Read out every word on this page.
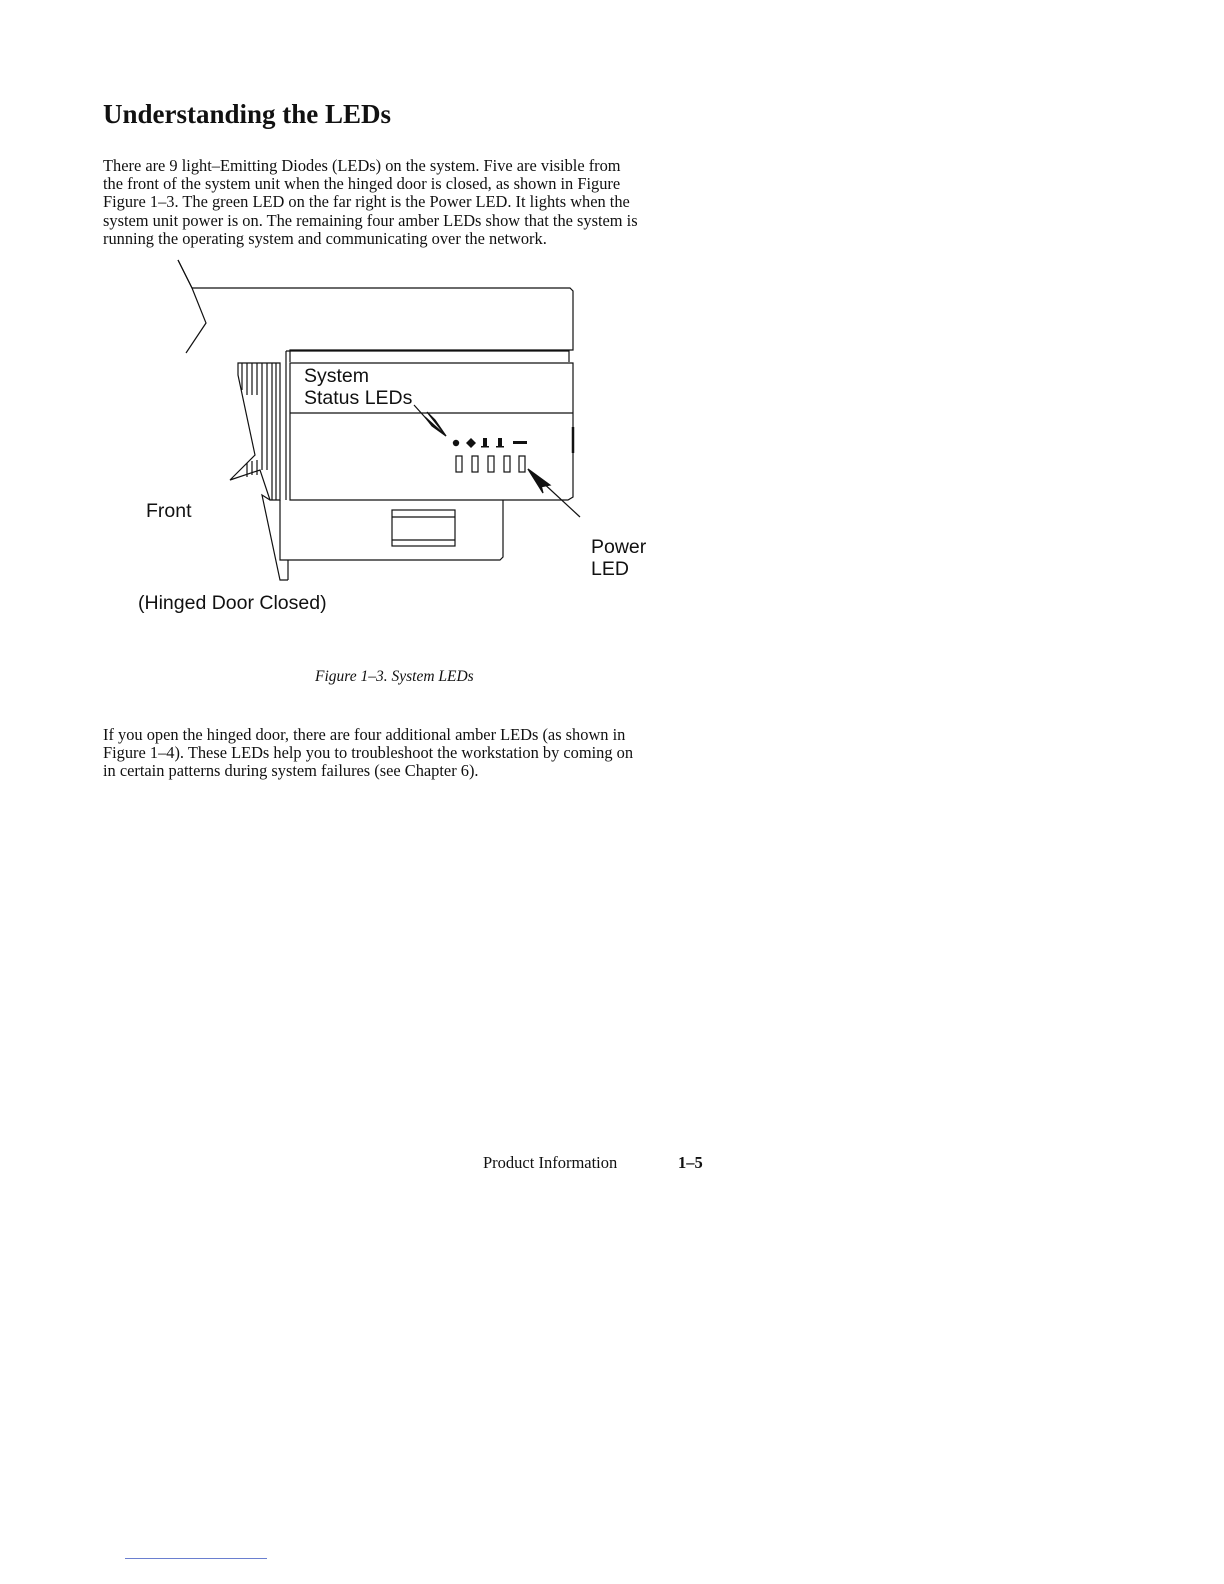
Understanding the LEDs

There are 9 light–Emitting Diodes (LEDs) on the system. Five are visible from
the front of the system unit when the hinged door is closed, as shown in Figure
Figure 1–3. The green LED on the far right is the Power LED. It lights when the
system unit power is on. The remaining four amber LEDs show that the system is
running the operating system and communicating over the network.

System
Status LEDs
Front
Power
LED
(Hinged Door Closed)
Figure 1–3. System LEDs

If you open the hinged door, there are four additional amber LEDs (as shown in
Figure 1–4). These LEDs help you to troubleshoot the workstation by coming on
in certain patterns during system failures (see Chapter 6).

Product Information	1–5
